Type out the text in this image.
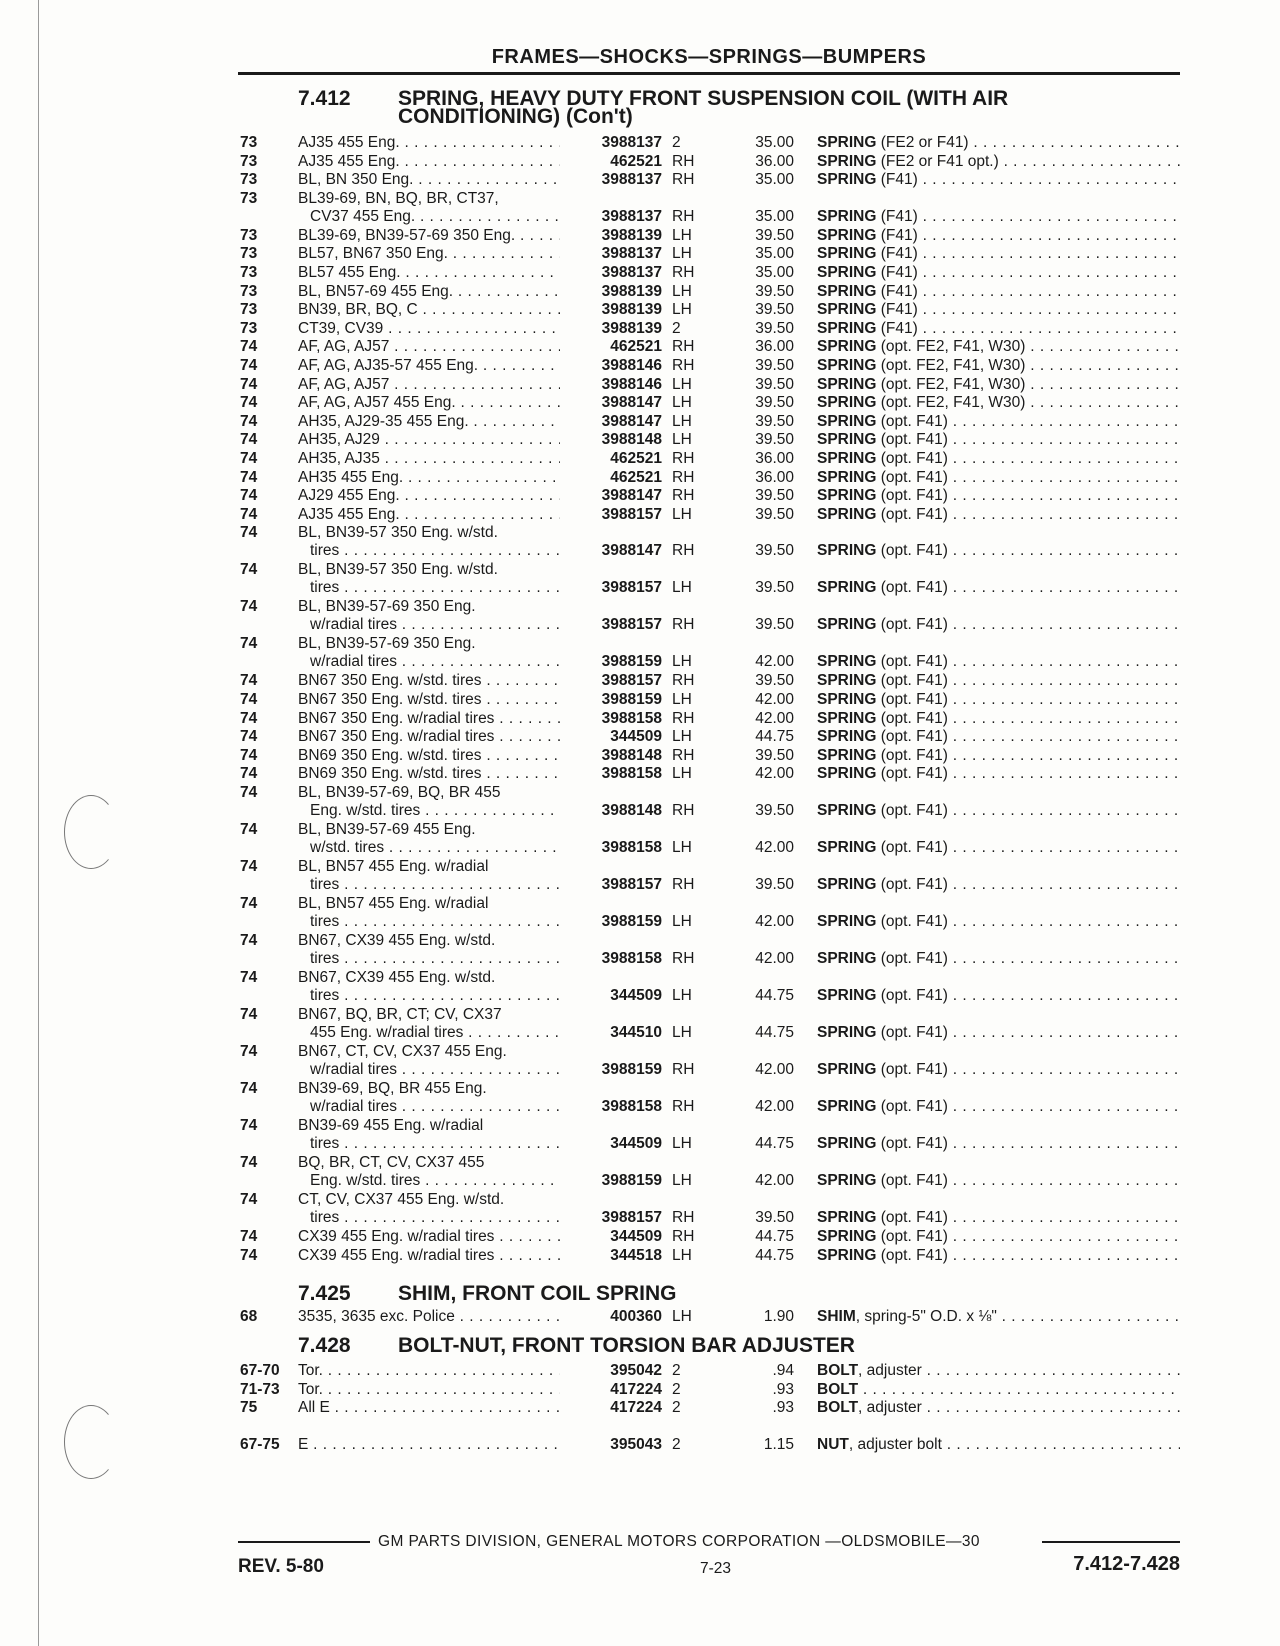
FRAMES—SHOCKS—SPRINGS—BUMPERS
7.412 SPRING, HEAVY DUTY FRONT SUSPENSION COIL (WITH AIR
CONDITIONING) (Con't)
73	AJ35 455 Eng. . . .	3988137 2	35.00 SPRING (FE2 or F41) . . .
73	AJ35 455 Eng. . . .	462521 RH	36.00 SPRING (FE2 or F41 opt.) . . .
73	BL, BN 350 Eng. . . .	3988137 RH	35.00 SPRING (F41) . . .
73	BL39-69, BN, BQ, BR, CT37,
CV37 455 Eng. . . .	3988137 RH	35.00 SPRING (F41) . . .
73	BL39-69, BN39-57-69 350 Eng. . . .	3988139 LH	39.50 SPRING (F41) . . .
73	BL57, BN67 350 Eng. . . .	3988137 LH	35.00 SPRING (F41) . . .
73	BL57 455 Eng. . . .	3988137 RH	35.00 SPRING (F41) . . .
73	BL, BN57-69 455 Eng. . . .	3988139 LH	39.50 SPRING (F41) . . .
73	BN39, BR, BQ, C . . .	3988139 LH	39.50 SPRING (F41) . . .
73	CT39, CV39 . . .	3988139 2	39.50 SPRING (F41) . . .
74	AF, AG, AJ57 . . .	462521 RH	36.00 SPRING (opt. FE2, F41, W30) . . .
74	AF, AG, AJ35-57 455 Eng. . . .	3988146 RH	39.50 SPRING (opt. FE2, F41, W30) . . .
74	AF, AG, AJ57 . . .	3988146 LH	39.50 SPRING (opt. FE2, F41, W30) . . .
74	AF, AG, AJ57 455 Eng. . . .	3988147 LH	39.50 SPRING (opt. FE2, F41, W30) . . .
74	AH35, AJ29-35 455 Eng. . . .	3988147 LH	39.50 SPRING (opt. F41) . . .
74	AH35, AJ29 . . .	3988148 LH	39.50 SPRING (opt. F41) . . .
74	AH35, AJ35 . . .	462521 RH	36.00 SPRING (opt. F41) . . .
74	AH35 455 Eng. . . .	462521 RH	36.00 SPRING (opt. F41) . . .
74	AJ29 455 Eng. . . .	3988147 RH	39.50 SPRING (opt. F41) . . .
74	AJ35 455 Eng. . . .	3988157 LH	39.50 SPRING (opt. F41) . . .
74	BL, BN39-57 350 Eng. w/std.
tires . . .	3988147 RH	39.50 SPRING (opt. F41) . . .
74	BL, BN39-57 350 Eng. w/std.
tires . . .	3988157 LH	39.50 SPRING (opt. F41) . . .
74	BL, BN39-57-69 350 Eng.
w/radial tires . . .	3988157 RH	39.50 SPRING (opt. F41) . . .
74	BL, BN39-57-69 350 Eng.
w/radial tires . . .	3988159 LH	42.00 SPRING (opt. F41) . . .
74	BN67 350 Eng. w/std. tires . . .	3988157 RH	39.50 SPRING (opt. F41) . . .
74	BN67 350 Eng. w/std. tires . . .	3988159 LH	42.00 SPRING (opt. F41) . . .
74	BN67 350 Eng. w/radial tires . . .	3988158 RH	42.00 SPRING (opt. F41) . . .
74	BN67 350 Eng. w/radial tires . . .	344509 LH	44.75 SPRING (opt. F41) . . .
74	BN69 350 Eng. w/std. tires . . .	3988148 RH	39.50 SPRING (opt. F41) . . .
74	BN69 350 Eng. w/std. tires . . .	3988158 LH	42.00 SPRING (opt. F41) . . .
74	BL, BN39-57-69, BQ, BR 455
Eng. w/std. tires . . .	3988148 RH	39.50 SPRING (opt. F41) . . .
74	BL, BN39-57-69 455 Eng.
w/std. tires . . .	3988158 LH	42.00 SPRING (opt. F41) . . .
74	BL, BN57 455 Eng. w/radial
tires . . .	3988157 RH	39.50 SPRING (opt. F41) . . .
74	BL, BN57 455 Eng. w/radial
tires . . .	3988159 LH	42.00 SPRING (opt. F41) . . .
74	BN67, CX39 455 Eng. w/std.
tires . . .	3988158 RH	42.00 SPRING (opt. F41) . . .
74	BN67, CX39 455 Eng. w/std.
tires . . .	344509 LH	44.75 SPRING (opt. F41) . . .
74	BN67, BQ, BR, CT; CV, CX37
455 Eng. w/radial tires . . .	344510 LH	44.75 SPRING (opt. F41) . . .
74	BN67, CT, CV, CX37 455 Eng.
w/radial tires . . .	3988159 RH	42.00 SPRING (opt. F41) . . .
74	BN39-69, BQ, BR 455 Eng.
w/radial tires . . .	3988158 RH	42.00 SPRING (opt. F41) . . .
74	BN39-69 455 Eng. w/radial
tires . . .	344509 LH	44.75 SPRING (opt. F41) . . .
74	BQ, BR, CT, CV, CX37 455
Eng. w/std. tires . . .	3988159 LH	42.00 SPRING (opt. F41) . . .
74	CT, CV, CX37 455 Eng. w/std.
tires . . .	3988157 RH	39.50 SPRING (opt. F41) . . .
74	CX39 455 Eng. w/radial tires . . .	344509 RH	44.75 SPRING (opt. F41) . . .
74	CX39 455 Eng. w/radial tires . . .	344518 LH	44.75 SPRING (opt. F41) . . .
7.425 SHIM, FRONT COIL SPRING
68	3535, 3635 exc. Police . . .	400360 LH	1.90 SHIM, spring-5" O.D. x ⅛" . . .
7.428 BOLT-NUT, FRONT TORSION BAR ADJUSTER
67-70 Tor. . . .	395042 2	.94 BOLT, adjuster . . .
71-73 Tor. . . .	417224 2	.93 BOLT . . .
75	All E . . .	417224 2	.93 BOLT, adjuster . . .
67-75 E . . .	395043 2	1.15 NUT, adjuster bolt . . .
GM PARTS DIVISION, GENERAL MOTORS CORPORATION —OLDSMOBILE—30
REV. 5-80	7-23	7.412-7.428
